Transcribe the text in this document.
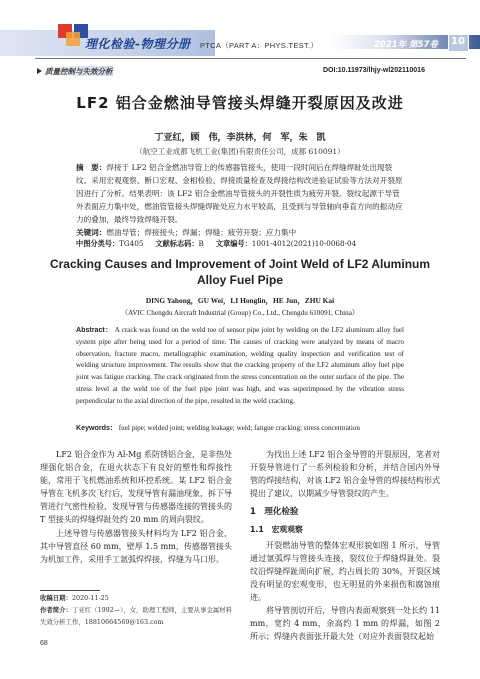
理化检验-物理分册 PTCA（PART A：PHYS.TEST.）	2021年 第57卷 10
质量控制与失效分析	DOI:10.11973/lhjy-wl202110016
LF2 铝合金燃油导管接头焊缝开裂原因及改进
丁亚红，顾　伟，李洪林，何　军，朱　凯
（航空工业成都飞机工业(集团)有限责任公司，成都 610091）
摘　要：焊接于 LF2 铝合金燃油导管上的传感器管接头，使用一段时间后在焊缝焊趾处出现裂纹。采用宏观观察、断口宏观、金相检验、焊接质量检查及焊接结构改进验证试验等方法对开裂原因进行了分析。结果表明：该 LF2 铝合金燃油导管接头的开裂性质为疲劳开裂。裂纹起源于导管外表面应力集中处，燃油管管接头焊缝焊趾处应力水平较高，且受到与导管轴向垂直方向的振动应力的叠加，最终导致焊缝开裂。
关键词：燃油导管；焊接接头；焊漏；焊缝；疲劳开裂；应力集中
中图分类号：TG405 文献标志码：B 文章编号：1001-4012(2021)10-0068-04
Cracking Causes and Improvement of Joint Weld of LF2 Aluminum Alloy Fuel Pipe
DING Yahong，GU Wei，LI Honglin，HE Jun，ZHU Kai
（AVIC Chengdu Aircraft Industrial (Group) Co., Ltd., Chengdu 610091, China）
Abstract： A crack was found on the weld toe of sensor pipe joint by welding on the LF2 aluminum alloy fuel system pipe after being used for a period of time. The causes of cracking were analyzed by means of macro observation, fracture macro, metallographic examination, welding quality inspection and verification test of welding structure improvement. The results show that the cracking property of the LF2 aluminum alloy fuel pipe joint was fatigue cracking. The crack originated from the stress concentration on the outer surface of the pipe. The stress level at the weld toe of the fuel pipe joint was high, and was superimposed by the vibration stress perpendicular to the axial direction of the pipe, resulted in the weld cracking.
Keywords： fuel pipe; welded joint; welding leakage; weld; fatigue cracking; stress concentration

LF2 铝合金作为 Al-Mg 系防锈铝合金，是非热处理强化铝合金，在退火状态下有良好的塑性和焊接性能，常用于飞机燃油系统和环控系统。某 LF2 铝合金导管在飞机多次飞行后，发现导管有漏油现象，拆下导管进行气密性检验，发现导管与传感器连接的管接头的 T 型接头的焊缝焊趾处约 20 mm 的周向裂纹。

上述导管与传感器管接头材料均为 LF2 铝合金，其中导管直径 60 mm，壁厚 1.5 mm，传感器管接头为机加工件，采用手工氩弧焊焊接，焊缝为马口形。

为找出上述 LF2 铝合金导管的开裂原因，笔者对开裂导管进行了一系列检验和分析，并结合国内外导管的焊接结构，对该 LF2 铝合金导管的焊接结构形式提出了建议，以期减少导管裂纹的产生。

1　理化检验
1.1　宏观观察

开裂燃油导管的整体宏观形貌如图 1 所示，导管通过氩弧焊与管接头连接，裂纹位于焊缝焊趾处。裂纹沿焊缝焊趾周向扩展，约占周长的 30%，开裂区域没有明显的宏观变形，也无明显的外来损伤和腐蚀痕迹。

将导管剖切开后，导管内表面观察到一处长约 11 mm，宽约 4 mm，余高约 1 mm 的焊漏，如图 2 所示；焊缝内表面张开最大处（对应外表面裂纹起始

收稿日期：2020-11-25
作者简介：丁亚红（1992—），女，助理工程师，主要从事金属材料失效分析工作，18810664569@163.com
68
